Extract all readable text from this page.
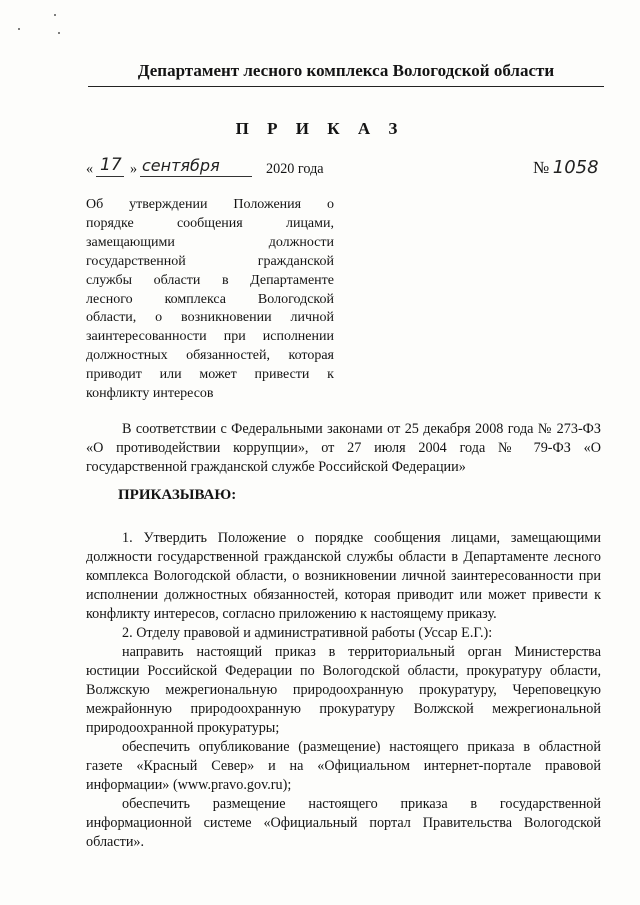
Департамент лесного комплекса Вологодской области
П Р И К А З
« 17 » сентября	2020 года	№ 1058
Об утверждении Положения о
порядке сообщения лицами,
замещающими должности
государственной гражданской
службы области в Департаменте
лесного комплекса Вологодской
области, о возникновении личной
заинтересованности при исполнении
должностных обязанностей, которая
приводит или может привести к
конфликту интересов

В соответствии с Федеральными законами от 25 декабря 2008 года № 273-ФЗ «О противодействии коррупции», от 27 июля 2004 года № 79-ФЗ «О государственной гражданской службе Российской Федерации»

ПРИКАЗЫВАЮ:

1. Утвердить Положение о порядке сообщения лицами, замещающими должности государственной гражданской службы области в Департаменте лесного комплекса Вологодской области, о возникновении личной заинтересованности при исполнении должностных обязанностей, которая приводит или может привести к конфликту интересов, согласно приложению к настоящему приказу.

2. Отделу правовой и административной работы (Уссар Е.Г.):

направить настоящий приказ в территориальный орган Министерства юстиции Российской Федерации по Вологодской области, прокуратуру области, Волжскую межрегиональную природоохранную прокуратуру, Череповецкую межрайонную природоохранную прокуратуру Волжской межрегиональной природоохранной прокуратуры;

обеспечить опубликование (размещение) настоящего приказа в областной газете «Красный Север» и на «Официальном интернет-портале правовой информации» (www.pravo.gov.ru);

обеспечить размещение настоящего приказа в государственной информационной системе «Официальный портал Правительства Вологодской области».
